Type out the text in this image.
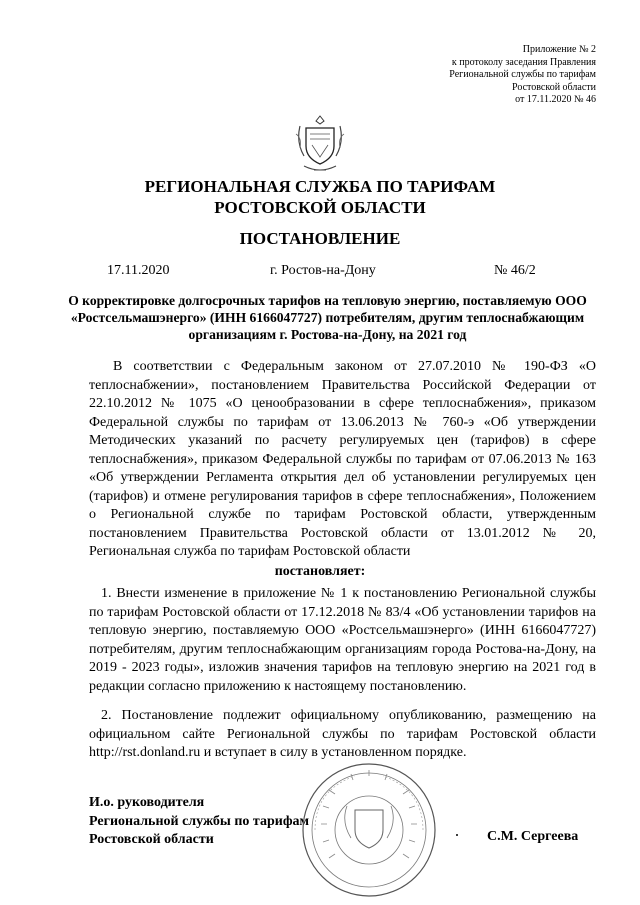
Приложение № 2
к протоколу заседания Правления
Региональной службы по тарифам
Ростовской области
от 17.11.2020 № 46
РЕГИОНАЛЬНАЯ СЛУЖБА ПО ТАРИФАМ
РОСТОВСКОЙ ОБЛАСТИ
ПОСТАНОВЛЕНИЕ
17.11.2020	г. Ростов-на-Дону	№ 46/2
О корректировке долгосрочных тарифов на тепловую энергию, поставляемую ООО «Ростсельмашэнерго» (ИНН 6166047727) потребителям, другим теплоснабжающим организациям г. Ростова-на-Дону, на 2021 год
В соответствии с Федеральным законом от 27.07.2010 № 190-ФЗ «О теплоснабжении», постановлением Правительства Российской Федерации от 22.10.2012 № 1075 «О ценообразовании в сфере теплоснабжения», приказом Федеральной службы по тарифам от 13.06.2013 № 760-э «Об утверждении Методических указаний по расчету регулируемых цен (тарифов) в сфере теплоснабжения», приказом Федеральной службы по тарифам от 07.06.2013 № 163 «Об утверждении Регламента открытия дел об установлении регулируемых цен (тарифов) и отмене регулирования тарифов в сфере теплоснабжения», Положением о Региональной службе по тарифам Ростовской области, утвержденным постановлением Правительства Ростовской области от 13.01.2012 № 20, Региональная служба по тарифам Ростовской области
постановляет:
1. Внести изменение в приложение № 1 к постановлению Региональной службы по тарифам Ростовской области от 17.12.2018 № 83/4 «Об установлении тарифов на тепловую энергию, поставляемую ООО «Ростсельмашэнерго» (ИНН 6166047727) потребителям, другим теплоснабжающим организациям города Ростова-на-Дону, на 2019 - 2023 годы», изложив значения тарифов на тепловую энергию на 2021 год в редакции согласно приложению к настоящему постановлению.
2. Постановление подлежит официальному опубликованию, размещению на официальном сайте Региональной службы по тарифам Ростовской области http://rst.donland.ru и вступает в силу в установленном порядке.
И.о. руководителя
Региональной службы по тарифам
Ростовской области	С.М. Сергеева
